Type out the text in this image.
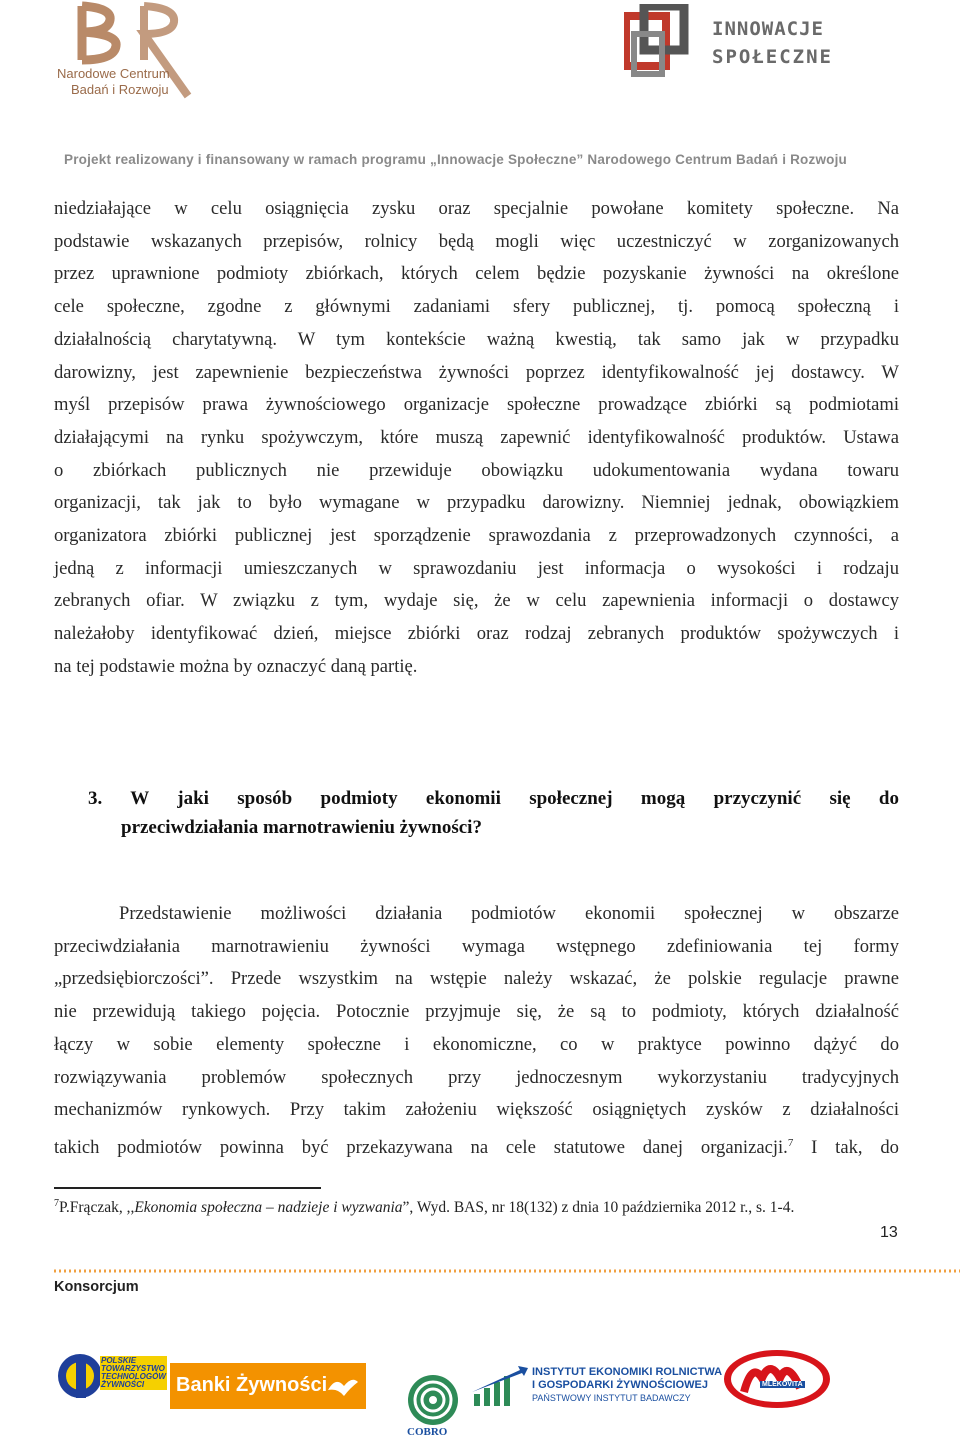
Narodowe Centrum
Badań i Rozwoju
INNOWACJE
SPOŁECZNE
Projekt realizowany i finansowany w ramach programu „Innowacje Społeczne” Narodowego Centrum Badań i Rozwoju
niedziałające w celu osiągnięcia zysku oraz specjalnie powołane komitety społeczne. Na
podstawie wskazanych przepisów, rolnicy będą mogli więc uczestniczyć w zorganizowanych
przez uprawnione podmioty zbiórkach, których celem będzie pozyskanie żywności na określone
cele społeczne, zgodne z głównymi zadaniami sfery publicznej, tj. pomocą społeczną i
działalnością charytatywną. W tym kontekście ważną kwestią, tak samo jak w przypadku
darowizny, jest zapewnienie bezpieczeństwa żywności poprzez identyfikowalność jej dostawcy. W
myśl przepisów prawa żywnościowego organizacje społeczne prowadzące zbiórki są podmiotami
działającymi na rynku spożywczym, które muszą zapewnić identyfikowalność produktów. Ustawa
o zbiórkach publicznych nie przewiduje obowiązku udokumentowania wydana towaru
organizacji, tak jak to było wymagane w przypadku darowizny. Niemniej jednak, obowiązkiem
organizatora zbiórki publicznej jest sporządzenie sprawozdania z przeprowadzonych czynności, a
jedną z informacji umieszczanych w sprawozdaniu jest informacja o wysokości i rodzaju
zebranych ofiar. W związku z tym, wydaje się, że w celu zapewnienia informacji o dostawcy
należałoby identyfikować dzień, miejsce zbiórki oraz rodzaj zebranych produktów spożywczych i
na tej podstawie można by oznaczyć daną partię.
3. W jaki sposób podmioty ekonomii społecznej mogą przyczynić się do
przeciwdziałania marnotrawieniu żywności?
Przedstawienie możliwości działania podmiotów ekonomii społecznej w obszarze
przeciwdziałania marnotrawieniu żywności wymaga wstępnego zdefiniowania tej formy
„przedsiębiorczości”. Przede wszystkim na wstępie należy wskazać, że polskie regulacje prawne
nie przewidują takiego pojęcia. Potocznie przyjmuje się, że są to podmioty, których działalność
łączy w sobie elementy społeczne i ekonomiczne, co w praktyce powinno dążyć do
rozwiązywania problemów społecznych przy jednoczesnym wykorzystaniu tradycyjnych
mechanizmów rynkowych. Przy takim założeniu większość osiągniętych zysków z działalności
takich podmiotów powinna być przekazywana na cele statutowe danej organizacji.$^7$ I tak, do
$^7$P.Frączak, ,,Ekonomia społeczna – nadzieje i wyzwania”, Wyd. BAS, nr 18(132) z dnia 10 października 2012 r., s. 1-4.
13
Konsorcjum
POLSKIE
TOWARZYSTWO
TECHNOLOGÓW
ŻYWNOŚCI	Banki Żywności
COBRO
INSTYTUT EKONOMIKI ROLNICTWA
I GOSPODARKI ŻYWNOŚCIOWEJ
PAŃSTWOWY INSTYTUT BADAWCZY
MLEKOVITA
